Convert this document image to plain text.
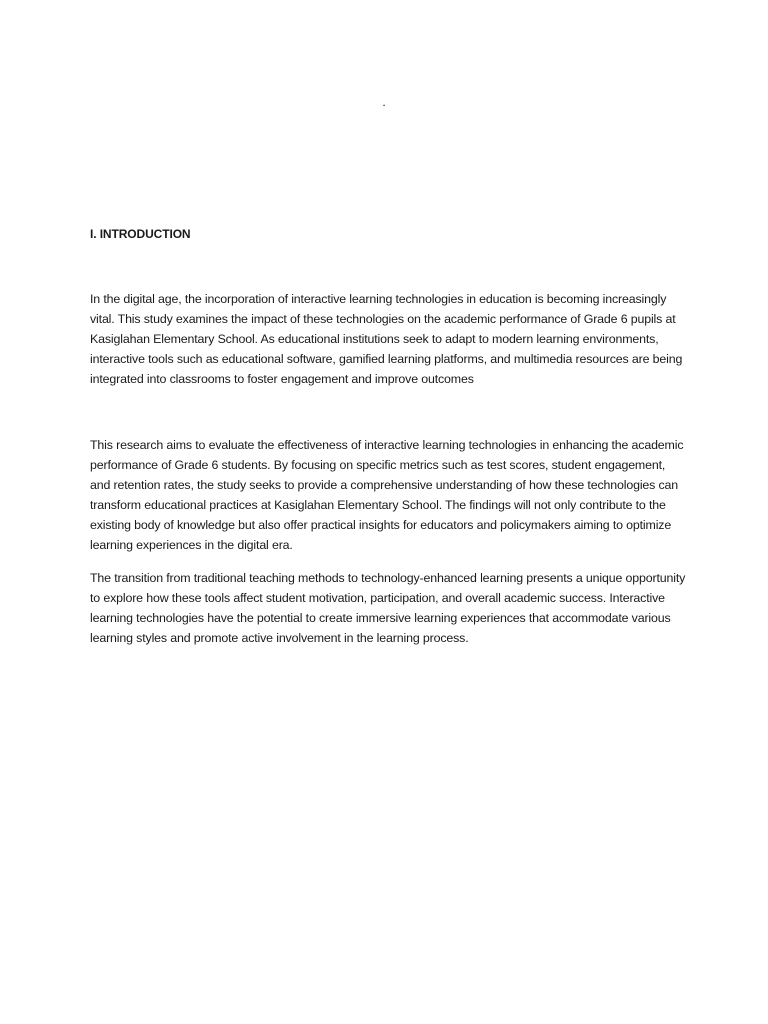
.
I. INTRODUCTION

In the digital age, the incorporation of interactive learning technologies in education is becoming increasingly vital. This study examines the impact of these technologies on the academic performance of Grade 6 pupils at Kasiglahan Elementary School. As educational institutions seek to adapt to modern learning environments, interactive tools such as educational software, gamified learning platforms, and multimedia resources are being integrated into classrooms to foster engagement and improve outcomes

This research aims to evaluate the effectiveness of interactive learning technologies in enhancing the academic performance of Grade 6 students. By focusing on specific metrics such as test scores, student engagement, and retention rates, the study seeks to provide a comprehensive understanding of how these technologies can transform educational practices at Kasiglahan Elementary School. The findings will not only contribute to the existing body of knowledge but also offer practical insights for educators and policymakers aiming to optimize learning experiences in the digital era.

The transition from traditional teaching methods to technology-enhanced learning presents a unique opportunity to explore how these tools affect student motivation, participation, and overall academic success. Interactive learning technologies have the potential to create immersive learning experiences that accommodate various learning styles and promote active involvement in the learning process.
